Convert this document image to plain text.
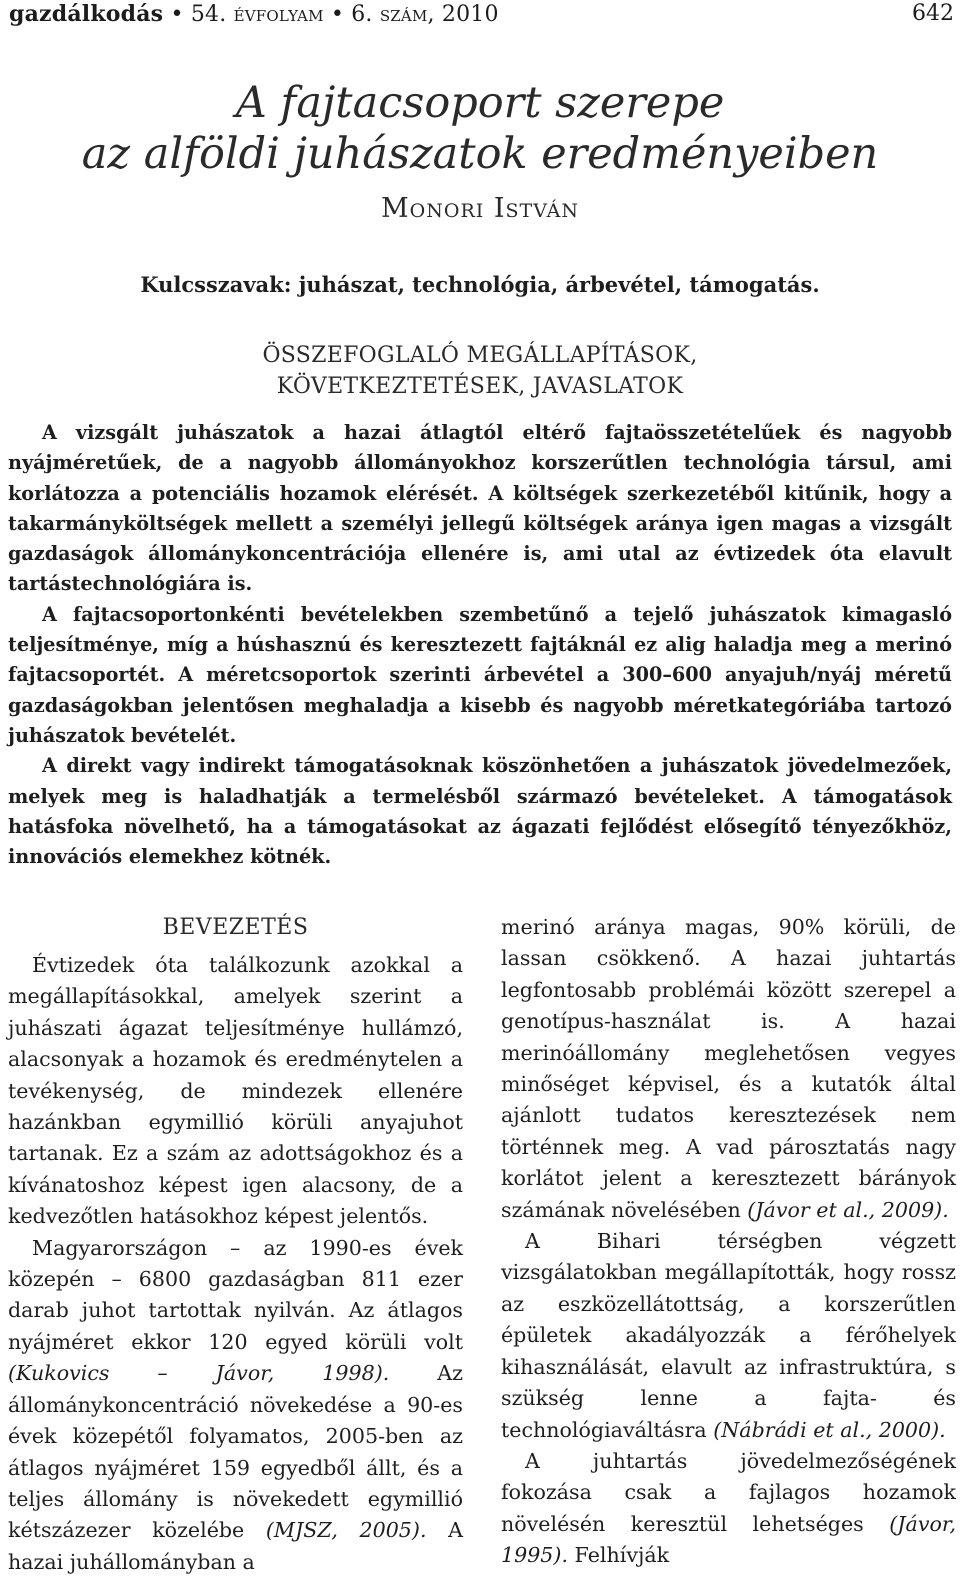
gazdálkodás • 54. évfolyam • 6. szám, 2010	642
A fajtacsoport szerepe
az alföldi juhászatok eredményeiben
Monori István
Kulcsszavak: juhászat, technológia, árbevétel, támogatás.
ÖSSZEFOGLALÓ MEGÁLLAPÍTÁSOK,
KÖVETKEZTETÉSEK, JAVASLATOK

A vizsgált juhászatok a hazai átlagtól eltérő fajtaösszetételűek és nagyobb nyájméretűek, de a nagyobb állományokhoz korszerűtlen technológia társul, ami korlátozza a potenciális hozamok elérését. A költségek szerkezetéből kitűnik, hogy a takarmányköltségek mellett a személyi jellegű költségek aránya igen magas a vizsgált gazdaságok állománykoncentrációja ellenére is, ami utal az évtizedek óta elavult tartástechnológiára is.

A fajtacsoportonkénti bevételekben szembetűnő a tejelő juhászatok kimagasló teljesítménye, míg a húshasznú és keresztezett fajtáknál ez alig haladja meg a merinó fajtacsoportét. A méretcsoportok szerinti árbevétel a 300–600 anyajuh/nyáj méretű gazdaságokban jelentősen meghaladja a kisebb és nagyobb méretkategóriába tartozó juhászatok bevételét.

A direkt vagy indirekt támogatásoknak köszönhetően a juhászatok jövedelmezőek, melyek meg is haladhatják a termelésből származó bevételeket. A támogatások hatásfoka növelhető, ha a támogatásokat az ágazati fejlődést elősegítő tényezőkhöz, innovációs elemekhez kötnék.

BEVEZETÉS

Évtizedek óta találkozunk azokkal a megállapításokkal, amelyek szerint a juhászati ágazat teljesítménye hullámzó, alacsonyak a hozamok és eredménytelen a tevékenység, de mindezek ellenére hazánkban egymillió körüli anyajuhot tartanak. Ez a szám az adottságokhoz és a kívánatoshoz képest igen alacsony, de a kedvezőtlen hatásokhoz képest jelentős.

Magyarországon – az 1990-es évek közepén – 6800 gazdaságban 811 ezer darab juhot tartottak nyilván. Az átlagos nyájméret ekkor 120 egyed körüli volt (Kukovics – Jávor, 1998). Az állománykoncentráció növekedése a 90-es évek közepétől folyamatos, 2005-ben az átlagos nyájméret 159 egyedből állt, és a teljes állomány is növekedett egymillió kétszázezer közelébe (MJSZ, 2005). A hazai juhállományban a

merinó aránya magas, 90% körüli, de lassan csökkenő. A hazai juhtartás legfontosabb problémái között szerepel a genotípus-használat is. A hazai merinóállomány meglehetősen vegyes minőséget képvisel, és a kutatók által ajánlott tudatos keresztezések nem történnek meg. A vad párosztatás nagy korlátot jelent a keresztezett bárányok számának növelésében (Jávor et al., 2009).

A Bihari térségben végzett vizsgálatokban megállapították, hogy rossz az eszközellátottság, a korszerűtlen épületek akadályozzák a férőhelyek kihasználását, elavult az infrastruktúra, s szükség lenne a fajta- és technológiaváltásra (Nábrádi et al., 2000).

A juhtartás jövedelmezőségének fokozása csak a fajlagos hozamok növelésén keresztül lehetséges (Jávor, 1995). Felhívják
